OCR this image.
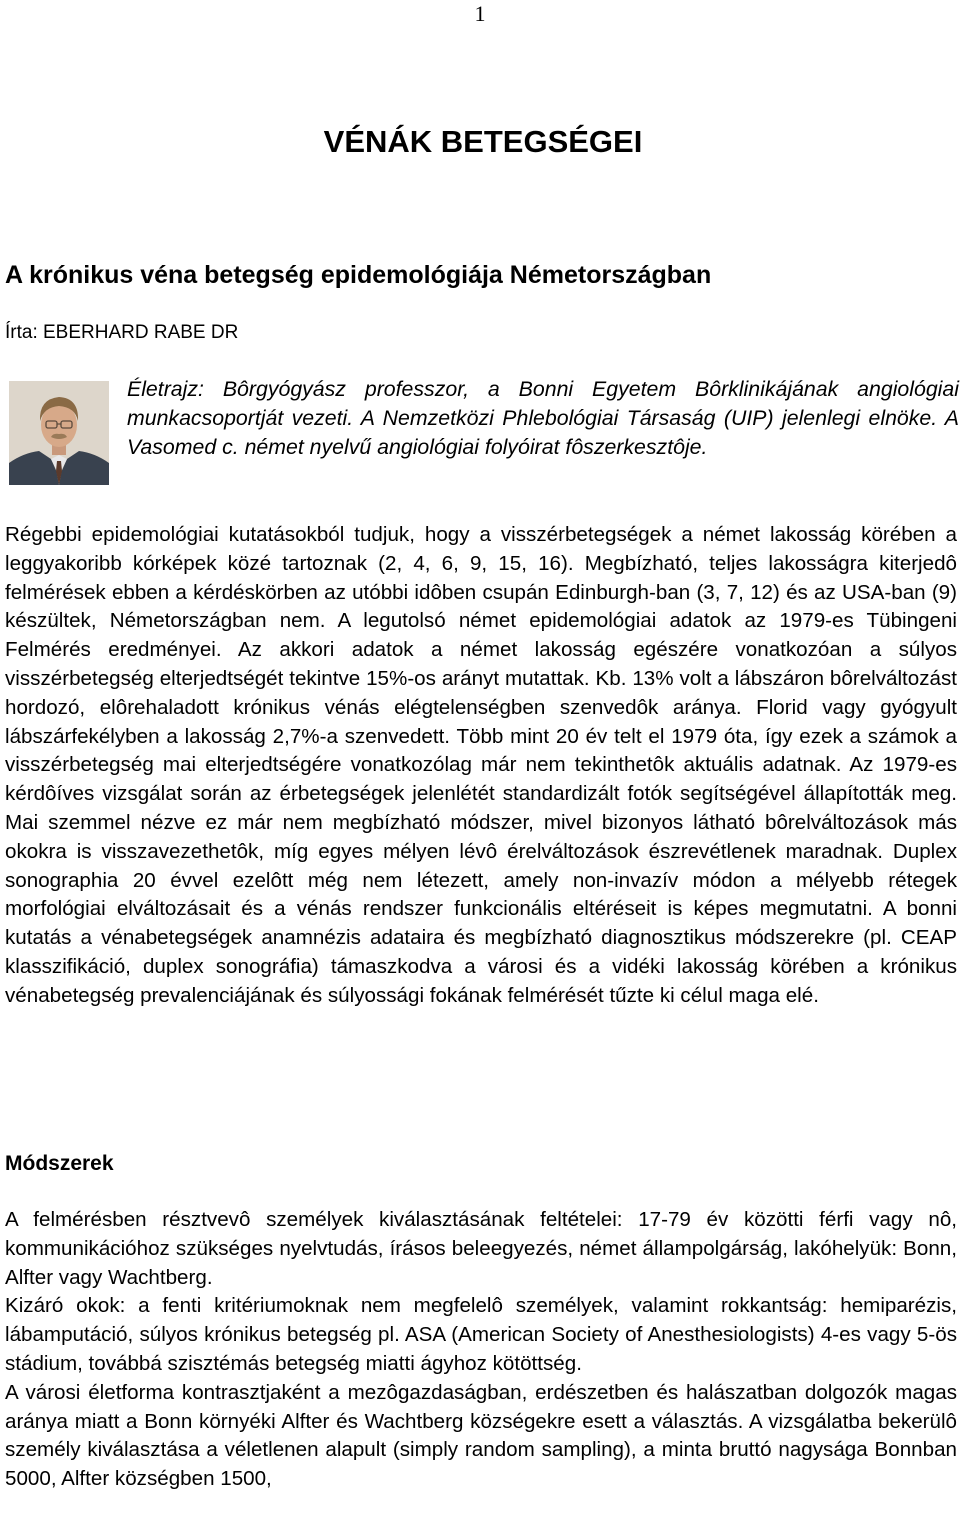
1
VÉNÁK BETEGSÉGEI
A krónikus véna betegség epidemológiája Németországban
Írta: EBERHARD RABE DR
Életrajz: Bôrgyógyász professzor, a Bonni Egyetem Bôrklinikájának angiológiai munkacsoportját vezeti. A Nemzetközi Phlebológiai Társaság (UIP) jelenlegi elnöke. A Vasomed c. német nyelvű angiológiai folyóirat fôszerkesztôje.
Régebbi epidemológiai kutatásokból tudjuk, hogy a visszérbetegségek a német lakosság körében a leggyakoribb kórképek közé tartoznak (2, 4, 6, 9, 15, 16). Megbízható, teljes lakosságra kiterjedô felmérések ebben a kérdéskörben az utóbbi idôben csupán Edinburgh-ban (3, 7, 12) és az USA-ban (9) készültek, Németországban nem. A legutolsó német epidemológiai adatok az 1979-es Tübingeni Felmérés eredményei. Az akkori adatok a német lakosság egészére vonatkozóan a súlyos visszérbetegség elterjedtségét tekintve 15%-os arányt mutattak. Kb. 13% volt a lábszáron bôrelváltozást hordozó, elôrehaladott krónikus vénás elégtelenségben szenvedôk aránya. Florid vagy gyógyult lábszárfekélyben a lakosság 2,7%-a szenvedett. Több mint 20 év telt el 1979 óta, így ezek a számok a visszérbetegség mai elterjedtségére vonatkozólag már nem tekinthetôk aktuális adatnak. Az 1979-es kérdôíves vizsgálat során az érbetegségek jelenlétét standardizált fotók segítségével állapították meg. Mai szemmel nézve ez már nem megbízható módszer, mivel bizonyos látható bôrelváltozások más okokra is visszavezethetôk, míg egyes mélyen lévô érelváltozások észrevétlenek maradnak. Duplex sonographia 20 évvel ezelôtt még nem létezett, amely non-invazív módon a mélyebb rétegek morfológiai elváltozásait és a vénás rendszer funkcionális eltéréseit is képes megmutatni. A bonni kutatás a vénabetegségek anamnézis adataira és megbízható diagnosztikus módszerekre (pl. CEAP klasszifikáció, duplex sonográfia) támaszkodva a városi és a vidéki lakosság körében a krónikus vénabetegség prevalenciájának és súlyossági fokának felmérését tűzte ki célul maga elé.
Módszerek
A felmérésben résztvevô személyek kiválasztásának feltételei: 17-79 év közötti férfi vagy nô, kommunikációhoz szükséges nyelvtudás, írásos beleegyezés, német állampolgárság, lakóhelyük: Bonn, Alfter vagy Wachtberg.
Kizáró okok: a fenti kritériumoknak nem megfelelô személyek, valamint rokkantság: hemiparézis, lábamputáció, súlyos krónikus betegség pl. ASA (American Society of Anesthesiologists) 4-es vagy 5-ös stádium, továbbá szisztémás betegség miatti ágyhoz kötöttség.
A városi életforma kontrasztjaként a mezôgazdaságban, erdészetben és halászatban dolgozók magas aránya miatt a Bonn környéki Alfter és Wachtberg községekre esett a választás. A vizsgálatba bekerülô személy kiválasztása a véletlenen alapult (simply random sampling), a minta bruttó nagysága Bonnban 5000, Alfter községben 1500,
